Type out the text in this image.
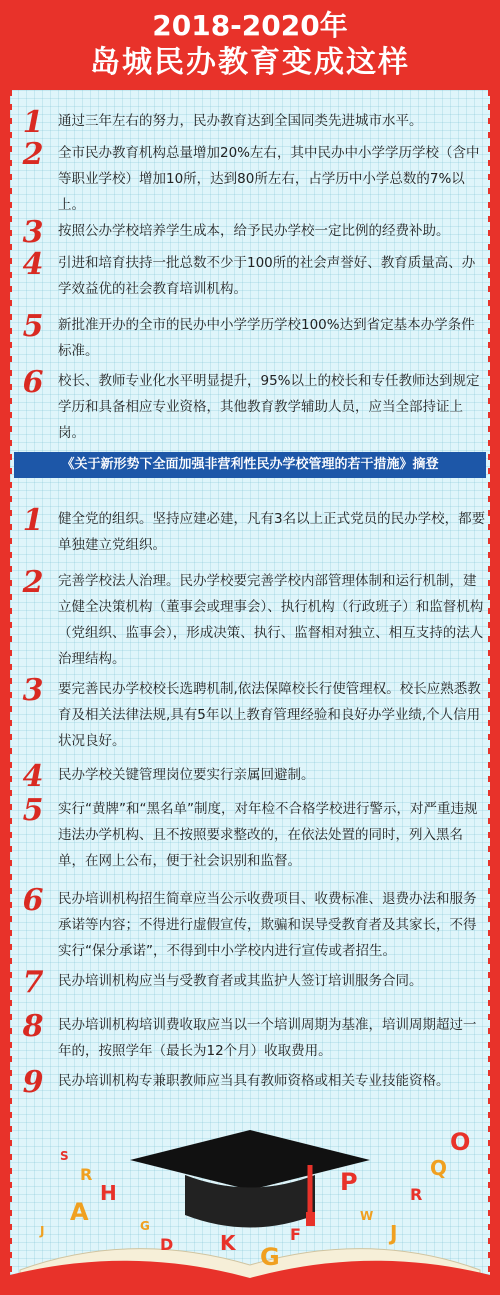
2018-2020年
岛城民办教育变成这样
1	通过三年左右的努力，民办教育达到全国同类先进城市水平。
2	全市民办教育机构总量增加20%左右，其中民办中小学学历学校（含中等职业学校）增加10所，达到80所左右，占学历中小学总数的7%以上。
3	按照公办学校培养学生成本，给予民办学校一定比例的经费补助。
4	引进和培育扶持一批总数不少于100所的社会声誉好、教育质量高、办学效益优的社会教育培训机构。
5	新批准开办的全市的民办中小学学历学校100%达到省定基本办学条件标准。
6	校长、教师专业化水平明显提升，95%以上的校长和专任教师达到规定学历和具备相应专业资格，其他教育教学辅助人员，应当全部持证上岗。
《关于新形势下全面加强非营利性民办学校管理的若干措施》摘登
1	健全党的组织。坚持应建必建，凡有3名以上正式党员的民办学校，都要单独建立党组织。
2	完善学校法人治理。民办学校要完善学校内部管理体制和运行机制，建立健全决策机构（董事会或理事会）、执行机构（行政班子）和监督机构（党组织、监事会），形成决策、执行、监督相对独立、相互支持的法人治理结构。
3	要完善民办学校校长选聘机制,依法保障校长行使管理权。校长应熟悉教育及相关法律法规,具有5年以上教育管理经验和良好办学业绩,个人信用状况良好。
4	民办学校关键管理岗位要实行亲属回避制。
5	实行“黄牌”和“黑名单”制度，对年检不合格学校进行警示，对严重违规违法办学机构、且不按照要求整改的，在依法处置的同时，列入黑名单，在网上公布，便于社会识别和监督。
6	民办培训机构招生简章应当公示收费项目、收费标准、退费办法和服务承诺等内容；不得进行虚假宣传，欺骗和误导受教育者及其家长，不得实行“保分承诺”，不得到中小学校内进行宣传或者招生。
7	民办培训机构应当与受教育者或其监护人签订培训服务合同。
8	民办培训机构培训费收取应当以一个培训周期为基准，培训周期超过一年的，按照学年（最长为12个月）收取费用。
9	民办培训机构专兼职教师应当具有教师资格或相关专业技能资格。
S
R
H
A	G
D K G
W
R
Q
O
J	F	J
P
